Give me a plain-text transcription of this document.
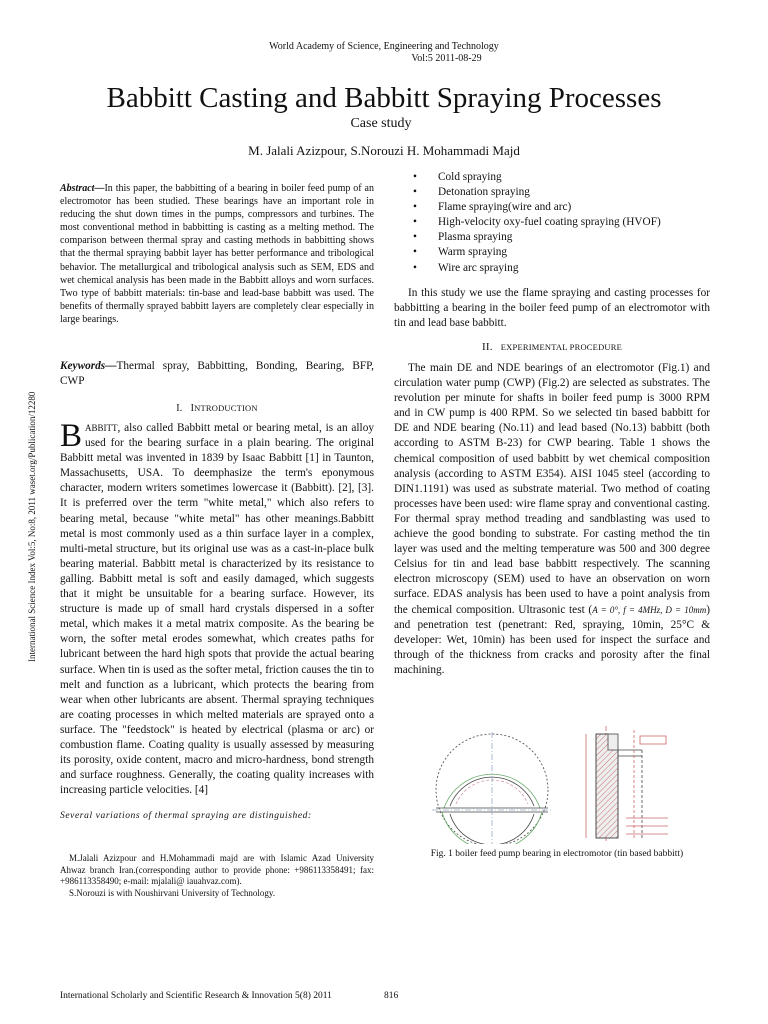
World Academy of Science, Engineering and Technology
Vol:5 2011-08-29
International Science Index Vol:5, No:8, 2011 waset.org/Publication/12280
Babbitt Casting and Babbitt Spraying Processes
Case study
M. Jalali Azizpour, S.Norouzi H. Mohammadi Majd
Abstract—In this paper, the babbitting of a bearing in boiler feed pump of an electromotor has been studied. These bearings have an important role in reducing the shut down times in the pumps, compressors and turbines. The most conventional method in babbitting is casting as a melting method. The comparison between thermal spray and casting methods in babbitting shows that the thermal spraying babbit layer has better performance and tribological behavior. The metallurgical and tribological analysis such as SEM, EDS and wet chemical analysis has been made in the Babbitt alloys and worn surfaces. Two type of babbitt materials: tin-base and lead-base babbitt was used. The benefits of thermally sprayed babbitt layers are completely clear especially in large bearings.
Keywords—Thermal spray, Babbitting, Bonding, Bearing, BFP, CWP
I. INTRODUCTION
BABBITT, also called Babbitt metal or bearing metal, is an alloy used for the bearing surface in a plain bearing. The original Babbitt metal was invented in 1839 by Isaac Babbitt [1] in Taunton, Massachusetts, USA. To deemphasize the term's eponymous character, modern writers sometimes lowercase it (Babbitt). [2], [3]. It is preferred over the term "white metal," which also refers to bearing metal, because "white metal" has other meanings.Babbitt metal is most commonly used as a thin surface layer in a complex, multi-metal structure, but its original use was as a cast-in-place bulk bearing material. Babbitt metal is characterized by its resistance to galling. Babbitt metal is soft and easily damaged, which suggests that it might be unsuitable for a bearing surface. However, its structure is made up of small hard crystals dispersed in a softer metal, which makes it a metal matrix composite. As the bearing be worn, the softer metal erodes somewhat, which creates paths for lubricant between the hard high spots that provide the actual bearing surface. When tin is used as the softer metal, friction causes the tin to melt and function as a lubricant, which protects the bearing from wear when other lubricants are absent. Thermal spraying techniques are coating processes in which melted materials are sprayed onto a surface. The "feedstock" is heated by electrical (plasma or arc) or combustion flame. Coating quality is usually assessed by measuring its porosity, oxide content, macro and micro-hardness, bond strength and surface roughness. Generally, the coating quality increases with increasing particle velocities. [4]
Several variations of thermal spraying are distinguished:

M.Jalali Azizpour and H.Mohammadi majd are with Islamic Azad University Ahwaz branch Iran.(corresponding author to provide phone: +986113358491; fax: +986113358490; e-mail: mjalali@ iauahvaz.com).

S.Norouzi is with Noushirvani University of Technology.

• Cold spraying
• Detonation spraying
• Flame spraying(wire and arc)
• High-velocity oxy-fuel coating spraying (HVOF)
• Plasma spraying
• Warm spraying
• Wire arc spraying
In this study we use the flame spraying and casting processes for babbitting a bearing in the boiler feed pump of an electromotor with tin and lead base babbitt.
II. EXPERIMENTAL PROCEDURE
The main DE and NDE bearings of an electromotor (Fig.1) and circulation water pump (CWP) (Fig.2) are selected as substrates. The revolution per minute for shafts in boiler feed pump is 3000 RPM and in CW pump is 400 RPM. So we selected tin based babbitt for DE and NDE bearing (No.11) and lead based (No.13) babbitt (both according to ASTM B-23) for CWP bearing. Table 1 shows the chemical composition of used babbitt by wet chemical composition analysis (according to ASTM E354). AISI 1045 steel (according to DIN1.1191) was used as substrate material. Two method of coating processes have been used: wire flame spray and conventional casting. For thermal spray method treading and sandblasting was used to achieve the good bonding to substrate. For casting method the tin layer was used and the melting temperature was 500 and 300 degree Celsius for tin and lead base babbitt respectively. The scanning electron microscopy (SEM) used to have an observation on worn surface. EDAS analysis has been used to have a point analysis from the chemical composition. Ultrasonic test (A = 0°, f = 4MHz, D = 10mm) and penetration test (penetrant: Red, spraying, 10min, 25°C & developer: Wet, 10min) has been used for inspect the surface and through of the thickness from cracks and porosity after the final machining.
Fig. 1 boiler feed pump bearing in electromotor (tin based babbitt)
International Scholarly and Scientific Research & Innovation 5(8) 2011	816
